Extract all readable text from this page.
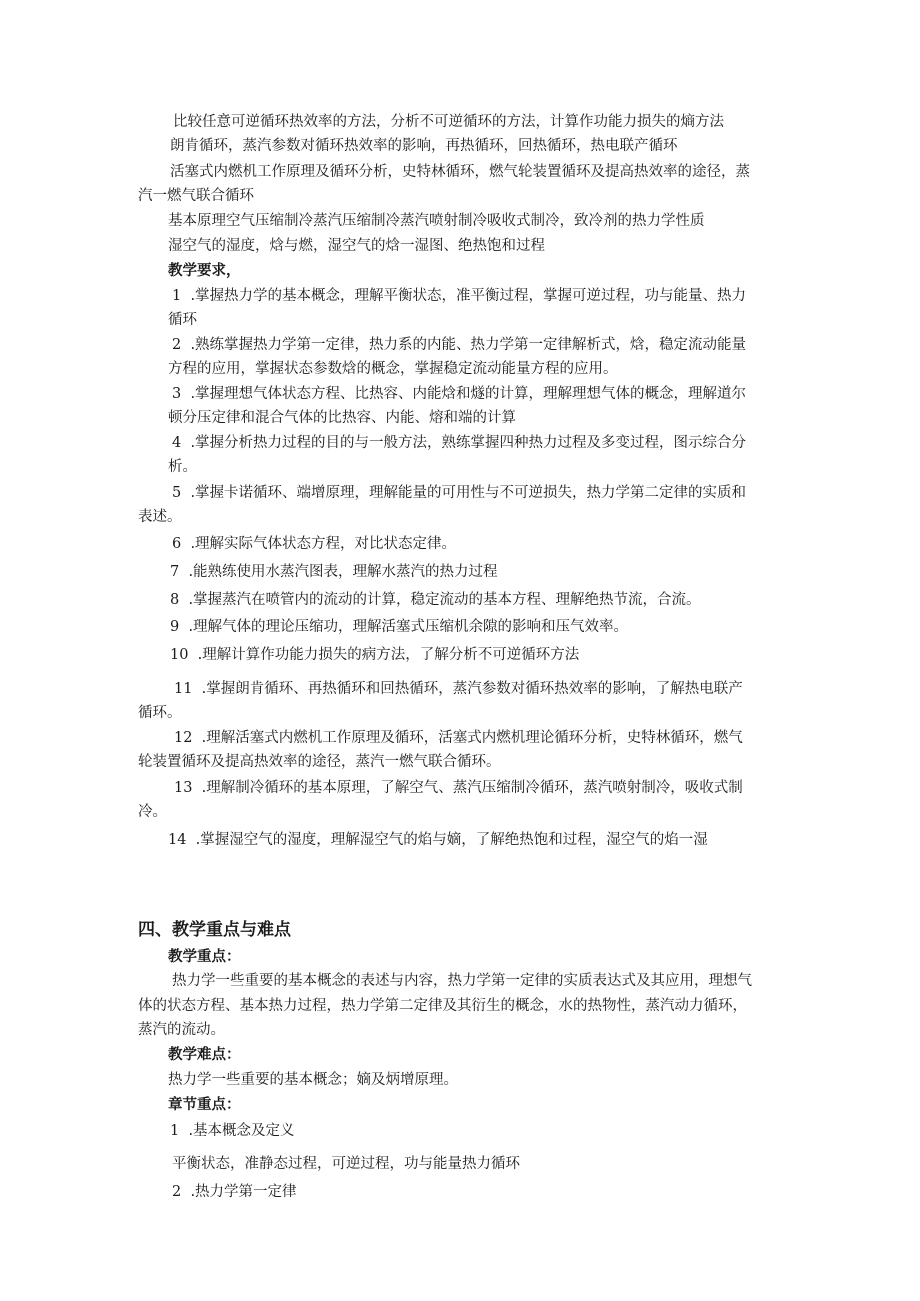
比较任意可逆循环热效率的方法，分析不可逆循环的方法，计算作功能力损失的熵方法
朗肯循环，蒸汽参数对循环热效率的影响，再热循环，回热循环，热电联产循环
活塞式内燃机工作原理及循环分析，史特林循环，燃气轮装置循环及提高热效率的途径，蒸
汽一燃气联合循环
基本原理空气压缩制冷蒸汽压缩制冷蒸汽喷射制冷吸收式制冷，致冷剂的热力学性质
湿空气的湿度，焓与燃，湿空气的焓一湿图、绝热饱和过程
教学要求，
1 .掌握热力学的基本概念，理解平衡状态，准平衡过程，掌握可逆过程，功与能量、热力
循环
2 .熟练掌握热力学第一定律，热力系的内能、热力学第一定律解析式，焓，稳定流动能量
方程的应用，掌握状态参数焓的概念，掌握稳定流动能量方程的应用。
3 .掌握理想气体状态方程、比热容、内能焓和燧的计算，理解理想气体的概念，理解道尔
顿分压定律和混合气体的比热容、内能、熔和端的计算
4 .掌握分析热力过程的目的与一般方法，熟练掌握四种热力过程及多变过程，图示综合分
析。
5 .掌握卡诺循环、端增原理，理解能量的可用性与不可逆损失，热力学第二定律的实质和
表述。
6 .理解实际气体状态方程，对比状态定律。
7 .能熟练使用水蒸汽图表，理解水蒸汽的热力过程
8 .掌握蒸汽在喷管内的流动的计算，稳定流动的基本方程、理解绝热节流，合流。
9 .理解气体的理论压缩功，理解活塞式压缩机余隙的影响和压气效率。
10 .理解计算作功能力损失的病方法，了解分析不可逆循环方法
11 .掌握朗肯循环、再热循环和回热循环，蒸汽参数对循环热效率的影响，了解热电联产
循环。
12 .理解活塞式内燃机工作原理及循环，活塞式内燃机理论循环分析，史特林循环，燃气
轮装置循环及提高热效率的途径，蒸汽一燃气联合循环。
13 .理解制冷循环的基本原理，了解空气、蒸汽压缩制冷循环，蒸汽喷射制冷，吸收式制
冷。
14 .掌握湿空气的湿度，理解湿空气的焰与嫡，了解绝热饱和过程，湿空气的焰一湿
四、教学重点与难点
教学重点：
热力学一些重要的基本概念的表述与内容，热力学第一定律的实质表达式及其应用，理想气
体的状态方程、基本热力过程，热力学第二定律及其衍生的概念，水的热物性，蒸汽动力循环，
蒸汽的流动。
教学难点：
热力学一些重要的基本概念；嫡及炳增原理。
章节重点：
1 .基本概念及定义
平衡状态，准静态过程，可逆过程，功与能量热力循环
2 .热力学第一定律
